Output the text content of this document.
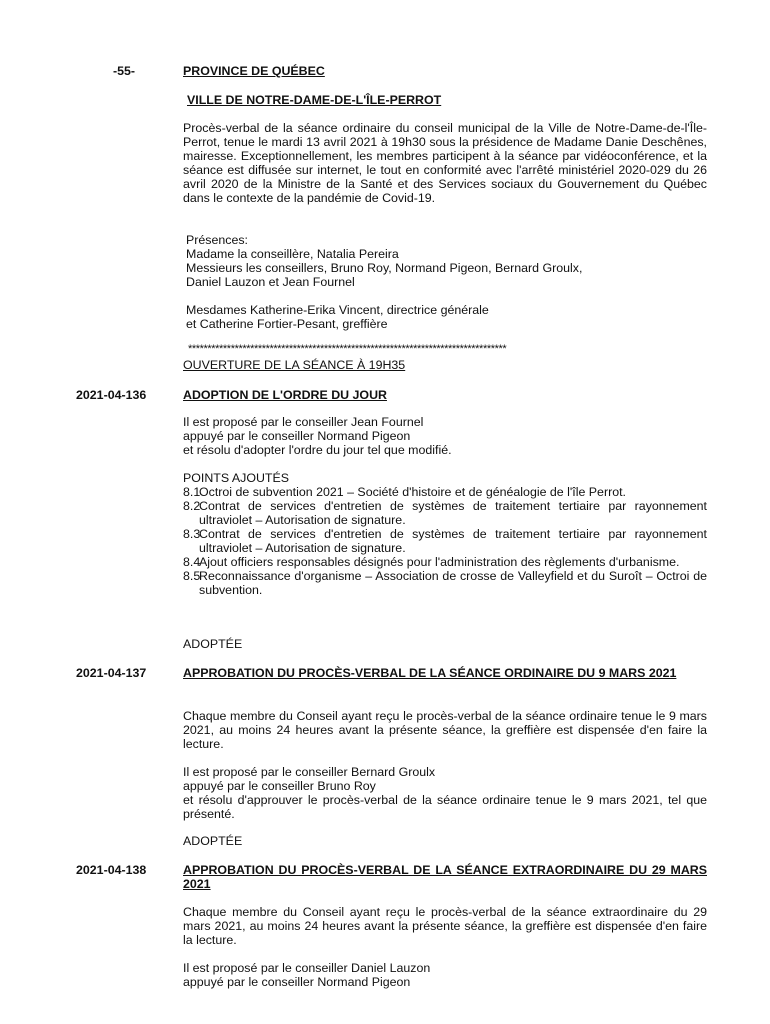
-55-	PROVINCE DE QUÉBEC
VILLE DE NOTRE-DAME-DE-L'ÎLE-PERROT

Procès-verbal de la séance ordinaire du conseil municipal de la Ville de Notre-Dame-de-l'Île-Perrot, tenue le mardi 13 avril 2021 à 19h30 sous la présidence de Madame Danie Deschênes, mairesse. Exceptionnellement, les membres participent à la séance par vidéoconférence, et la séance est diffusée sur internet, le tout en conformité avec l'arrêté ministériel 2020-029 du 26 avril 2020 de la Ministre de la Santé et des Services sociaux du Gouvernement du Québec dans le contexte de la pandémie de Covid-19.

Présences:
Madame la conseillère, Natalia Pereira
Messieurs les conseillers, Bruno Roy, Normand Pigeon, Bernard Groulx,
Daniel Lauzon et Jean Fournel
Mesdames Katherine-Erika Vincent, directrice générale
et Catherine Fortier-Pesant, greffière
**********************************************************************************
OUVERTURE DE LA SÉANCE À 19H35
2021-04-136	ADOPTION DE L'ORDRE DU JOUR
Il est proposé par le conseiller Jean Fournel
appuyé par le conseiller Normand Pigeon
et résolu d'adopter l'ordre du jour tel que modifié.
POINTS AJOUTÉS
8.1
Octroi de subvention 2021 – Société d'histoire et de généalogie de l'île Perrot.
8.2
Contrat de services d'entretien de systèmes de traitement tertiaire par rayonnement ultraviolet – Autorisation de signature.
8.3
Contrat de services d'entretien de systèmes de traitement tertiaire par rayonnement ultraviolet – Autorisation de signature.
8.4
Ajout officiers responsables désignés pour l'administration des règlements d'urbanisme.
8.5
Reconnaissance d'organisme – Association de crosse de Valleyfield et du Suroît – Octroi de subvention.
ADOPTÉE
2021-04-137	APPROBATION DU PROCÈS-VERBAL DE LA SÉANCE ORDINAIRE DU 9 MARS 2021

Chaque membre du Conseil ayant reçu le procès-verbal de la séance ordinaire tenue le 9 mars 2021, au moins 24 heures avant la présente séance, la greffière est dispensée d'en faire la lecture.

Il est proposé par le conseiller Bernard Groulx
appuyé par le conseiller Bruno Roy

et résolu d'approuver le procès-verbal de la séance ordinaire tenue le 9 mars 2021, tel que présenté.

ADOPTÉE
2021-04-138	APPROBATION DU PROCÈS-VERBAL DE LA SÉANCE EXTRAORDINAIRE DU 29 MARS 2021

Chaque membre du Conseil ayant reçu le procès-verbal de la séance extraordinaire du 29 mars 2021, au moins 24 heures avant la présente séance, la greffière est dispensée d'en faire la lecture.

Il est proposé par le conseiller Daniel Lauzon
appuyé par le conseiller Normand Pigeon
